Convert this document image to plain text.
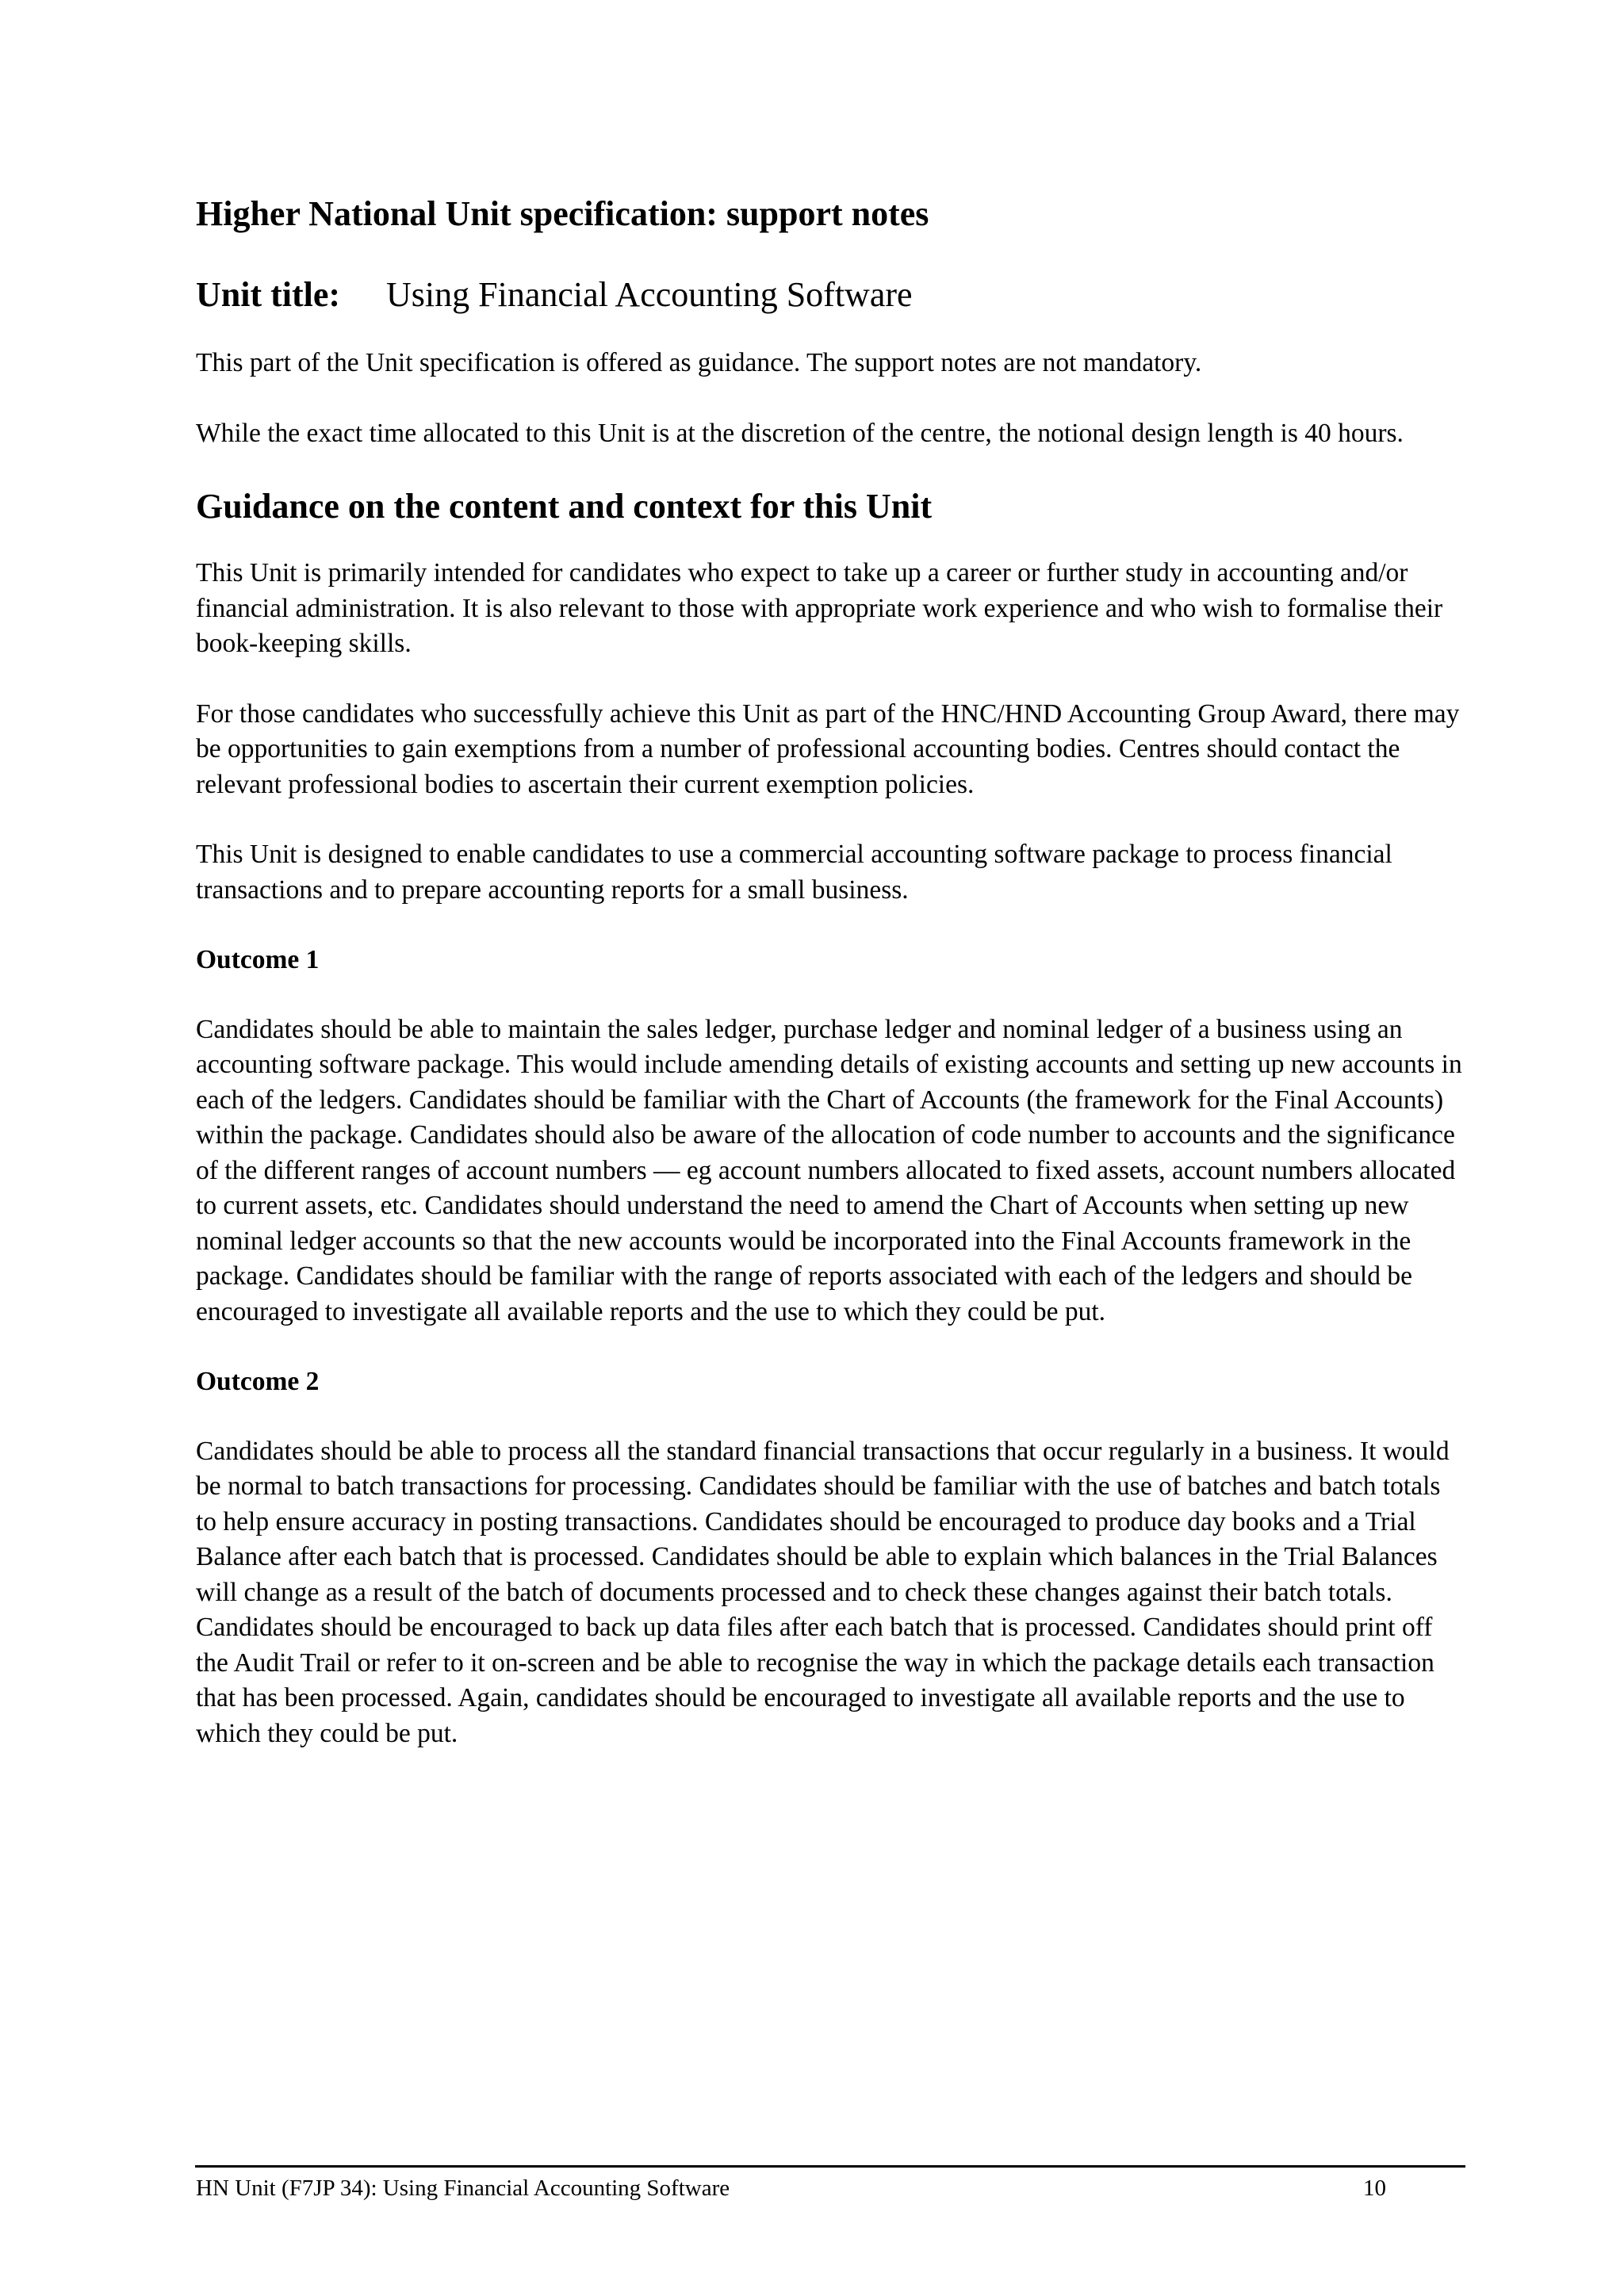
Higher National Unit specification: support notes
Unit title: Using Financial Accounting Software

This part of the Unit specification is offered as guidance. The support notes are not mandatory.

While the exact time allocated to this Unit is at the discretion of the centre, the notional design length is 40 hours.

Guidance on the content and context for this Unit

This Unit is primarily intended for candidates who expect to take up a career or further study in accounting and/or financial administration. It is also relevant to those with appropriate work experience and who wish to formalise their book-keeping skills.

For those candidates who successfully achieve this Unit as part of the HNC/HND Accounting Group Award, there may be opportunities to gain exemptions from a number of professional accounting bodies. Centres should contact the relevant professional bodies to ascertain their current exemption policies.

This Unit is designed to enable candidates to use a commercial accounting software package to process financial transactions and to prepare accounting reports for a small business.

Outcome 1

Candidates should be able to maintain the sales ledger, purchase ledger and nominal ledger of a business using an accounting software package. This would include amending details of existing accounts and setting up new accounts in each of the ledgers. Candidates should be familiar with the Chart of Accounts (the framework for the Final Accounts) within the package. Candidates should also be aware of the allocation of code number to accounts and the significance of the different ranges of account numbers — eg account numbers allocated to fixed assets, account numbers allocated to current assets, etc. Candidates should understand the need to amend the Chart of Accounts when setting up new nominal ledger accounts so that the new accounts would be incorporated into the Final Accounts framework in the package. Candidates should be familiar with the range of reports associated with each of the ledgers and should be encouraged to investigate all available reports and the use to which they could be put.

Outcome 2

Candidates should be able to process all the standard financial transactions that occur regularly in a business. It would be normal to batch transactions for processing. Candidates should be familiar with the use of batches and batch totals to help ensure accuracy in posting transactions. Candidates should be encouraged to produce day books and a Trial Balance after each batch that is processed. Candidates should be able to explain which balances in the Trial Balances will change as a result of the batch of documents processed and to check these changes against their batch totals. Candidates should be encouraged to back up data files after each batch that is processed. Candidates should print off the Audit Trail or refer to it on-screen and be able to recognise the way in which the package details each transaction that has been processed. Again, candidates should be encouraged to investigate all available reports and the use to which they could be put.

HN Unit (F7JP 34): Using Financial Accounting Software	10
